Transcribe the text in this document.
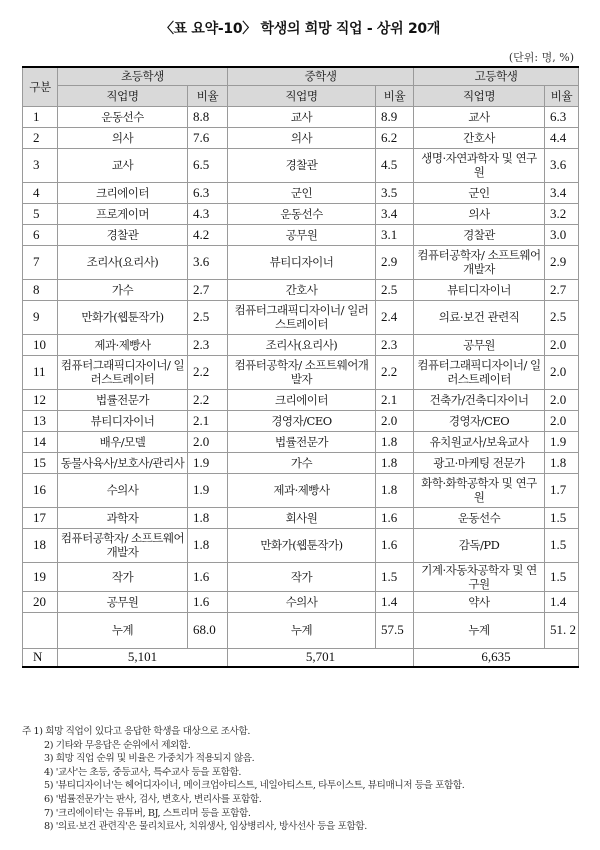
〈표 요약-10〉 학생의 희망 직업 - 상위 20개
(단위: 명, %)
구분	초등학생		중학생		고등학생	
	직업명	비율	직업명	비율	직업명	비율
1	운동선수	8.8	교사	8.9	교사	6.3
2	의사	7.6	의사	6.2	간호사	4.4
3	교사	6.5	경찰관	4.5	생명·자연과학자 및 연구원	3.6
4	크리에이터	6.3	군인	3.5	군인	3.4
5	프로게이머	4.3	운동선수	3.4	의사	3.2
6	경찰관	4.2	공무원	3.1	경찰관	3.0
7	조리사(요리사)	3.6	뷰티디자이너	2.9	컴퓨터공학자/ 소프트웨어개발자	2.9
8	가수	2.7	간호사	2.5	뷰티디자이너	2.7
9	만화가(웹툰작가)	2.5	컴퓨터그래픽디자이너/ 일러스트레이터	2.4	의료·보건 관련직	2.5
10	제과·제빵사	2.3	조리사(요리사)	2.3	공무원	2.0
11	컴퓨터그래픽디자이너/ 일러스트레이터	2.2	컴퓨터공학자/ 소프트웨어개발자	2.2	컴퓨터그래픽디자이너/ 일러스트레이터	2.0
12	법률전문가	2.2	크리에이터	2.1	건축가/건축디자이너	2.0
13	뷰티디자이너	2.1	경영자/CEO	2.0	경영자/CEO	2.0
14	배우/모델	2.0	법률전문가	1.8	유치원교사/보육교사	1.9
15	동물사육사/보호사/관리사	1.9	가수	1.8	광고·마케팅 전문가	1.8
16	수의사	1.9	제과·제빵사	1.8	화학·화학공학자 및 연구원	1.7
17	과학자	1.8	회사원	1.6	운동선수	1.5
18	컴퓨터공학자/ 소프트웨어개발자	1.8	만화가(웹툰작가)	1.6	감독/PD	1.5
19	작가	1.6	작가	1.5	기계·자동차공학자 및 연구원	1.5
20	공무원	1.6	수의사	1.4	약사	1.4
	누계	68.0	누계	57.5	누계	51. 2
N	5,101		5,701		6,635	
주 1) 희망 직업이 있다고 응답한 학생을 대상으로 조사함.
2) 기타와 무응답은 순위에서 제외함.
3) 희망 직업 순위 및 비율은 가중치가 적용되지 않음.
4) '교사'는 초등, 중등교사, 특수교사 등을 포함함.
5) '뷰티디자이너'는 헤어디자이너, 메이크업아티스트, 네일아티스트, 타투이스트, 뷰티매니저 등을 포함함.
6) '법률전문가'는 판사, 검사, 변호사, 변리사를 포함함.
7) '크리에이터'는 유튜버, BJ, 스트리머 등을 포함함.
8) '의료·보건 관련직'은 물리치료사, 치위생사, 임상병리사, 방사선사 등을 포함함.
